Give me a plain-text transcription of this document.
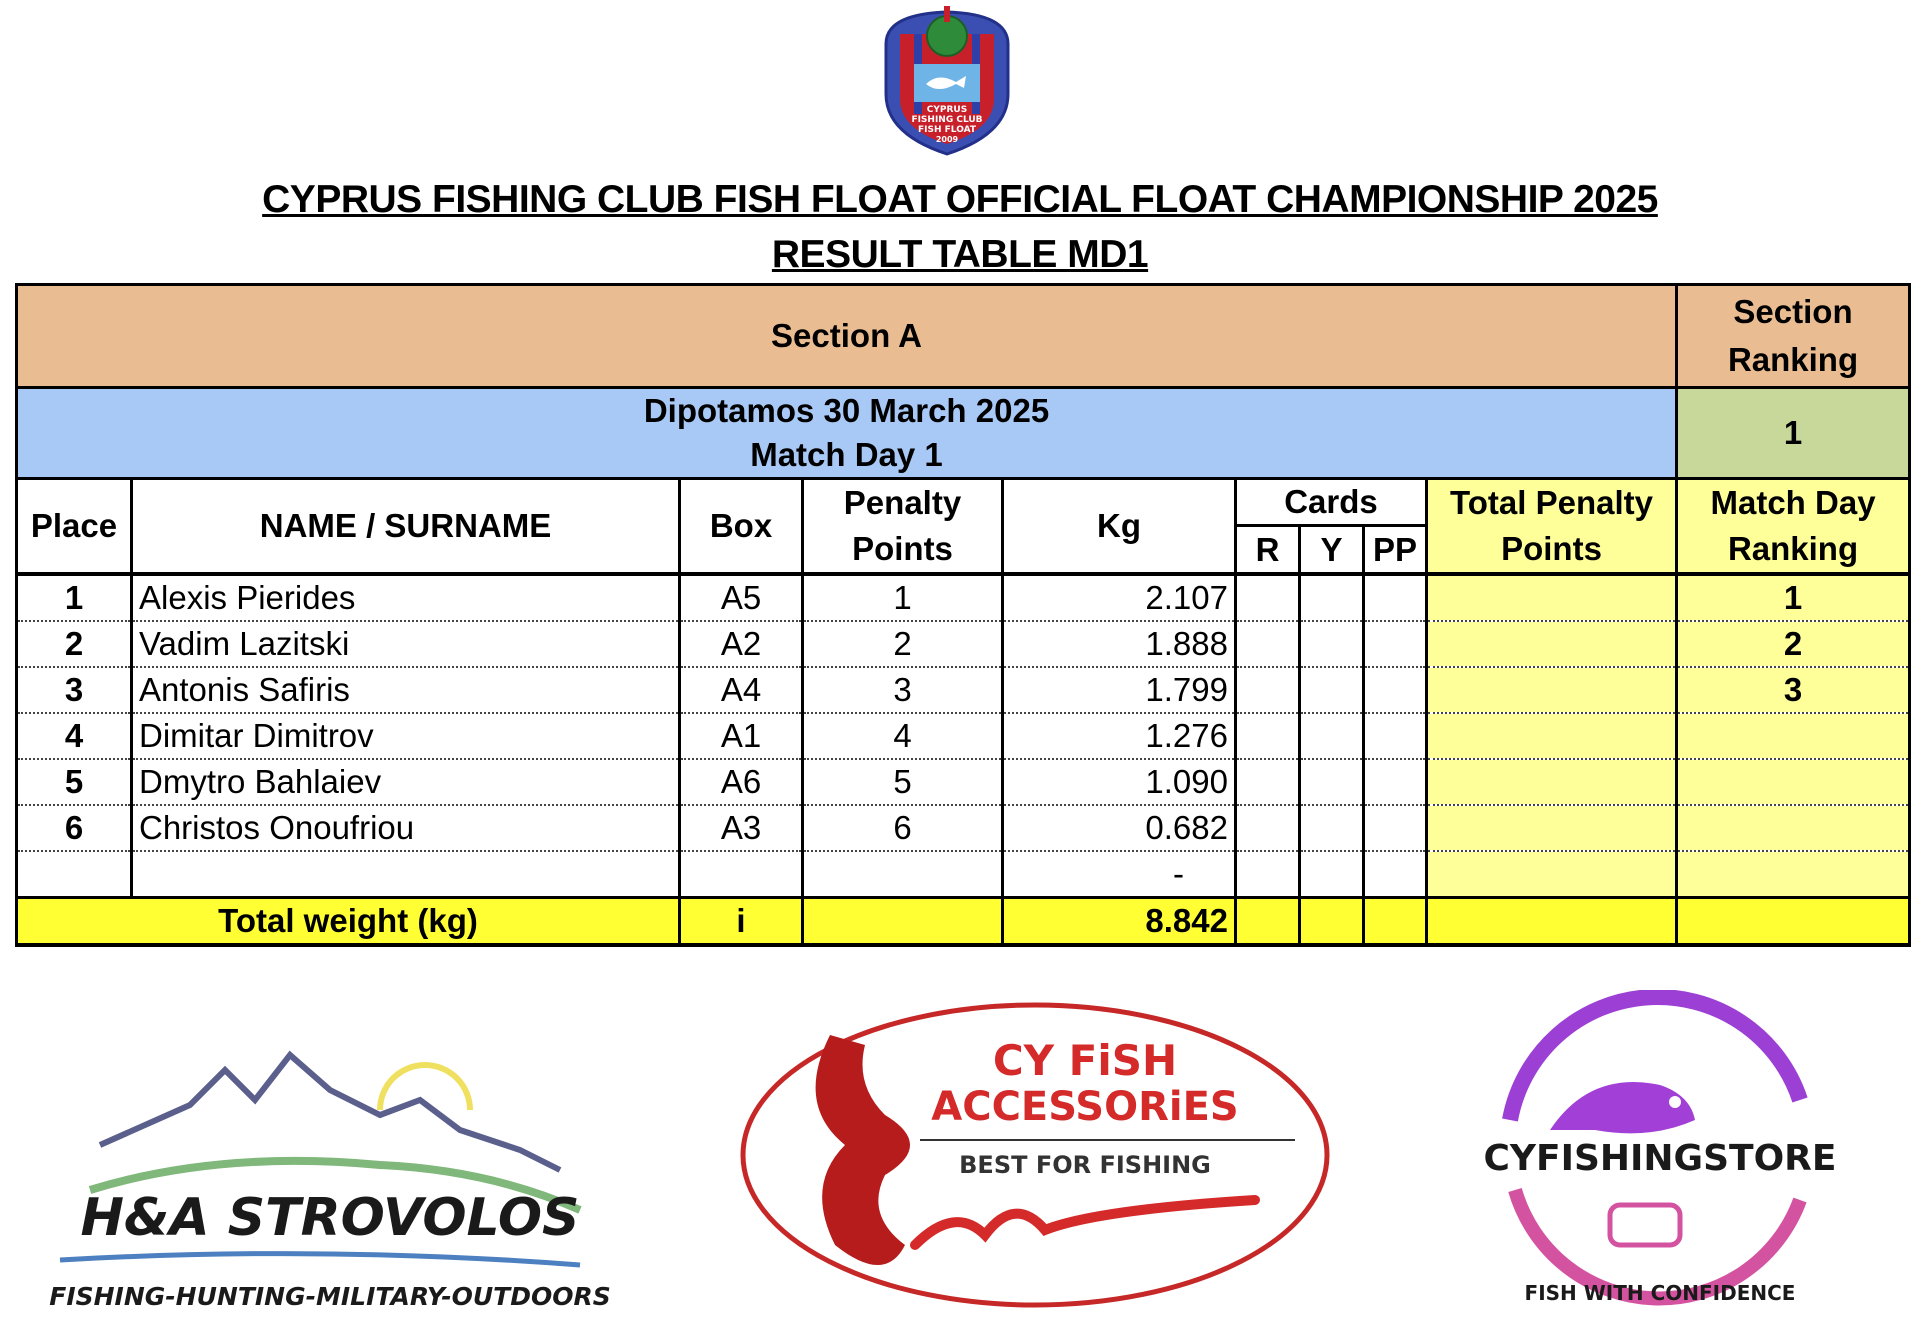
CYPRUS
FISHING CLUB
FISH FLOAT
2009
CYPRUS FISHING CLUB FISH FLOAT OFFICIAL FLOAT CHAMPIONSHIP 2025
RESULT TABLE MD1
Section A									Section Ranking

Dipotamos 30 March 2025
Match Day 1									1
Place	NAME / SURNAME	Box	Penalty Points	Kg	Cards			Total Penalty Points	Match Day Ranking
					R	Y	PP		
1	Alexis Pierides	A5	1	2.107					1
2	Vadim Lazitski	A2	2	1.888					2
3	Antonis Safiris	A4	3	1.799					3
4	Dimitar Dimitrov	A1	4	1.276					
5	Dmytro Bahlaiev	A6	5	1.090					
6	Christos Onoufriou	A3	6	0.682					
				-					
Total weight (kg)		i		8.842					
H&A STROVOLOS
FISHING-HUNTING-MILITARY-OUTDOORS
CY FiSH
ACCESSORiES
BEST FOR FISHING	CYFISHINGSTORE
FISH WITH CONFIDENCE
